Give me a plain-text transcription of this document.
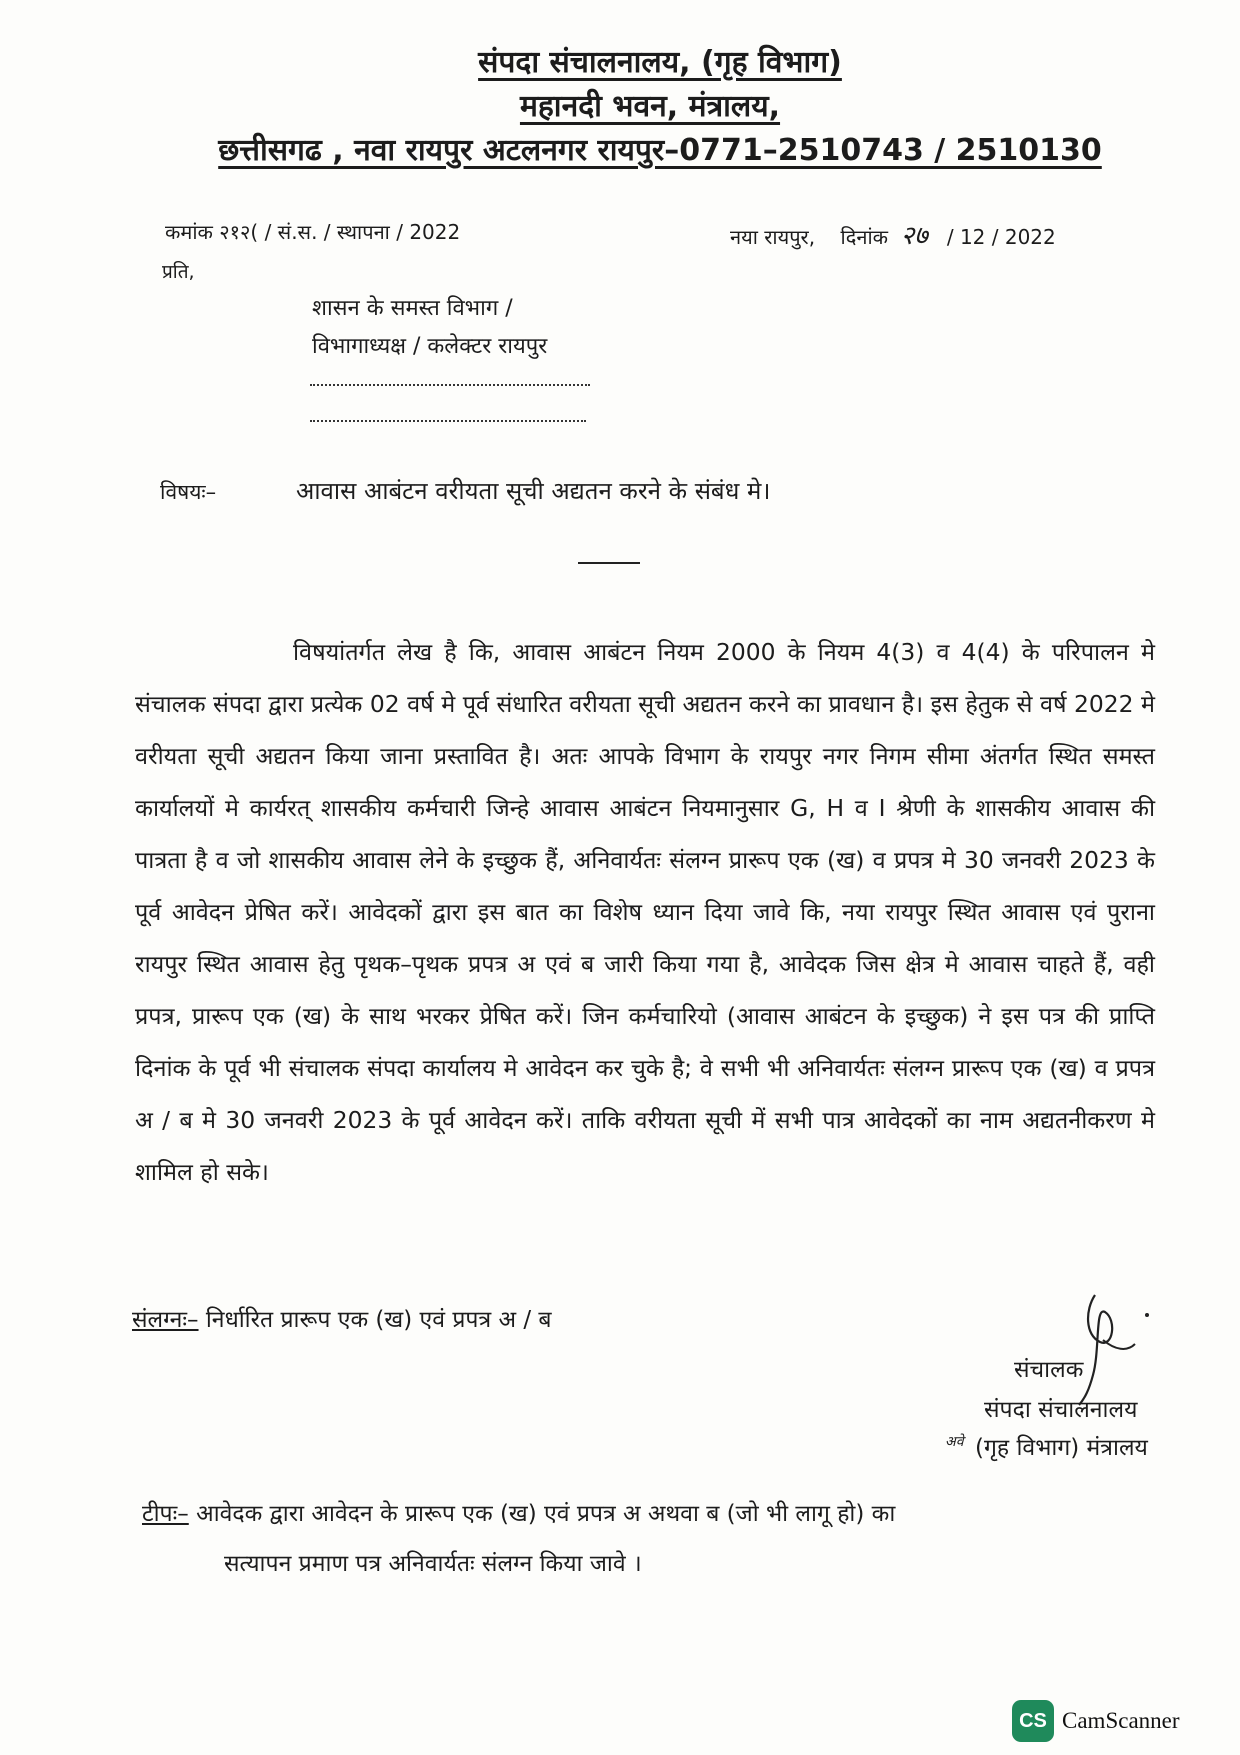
संपदा संचालनालय, (गृह विभाग)

महानदी भवन, मंत्रालय,

छत्तीसगढ , नवा रायपुर अटलनगर रायपुर–0771–2510743 / 2510130

कमांक २१२( / सं.स. / स्थापना / 2022	नया रायपुर, दिनांक २७ / 12 / 2022
प्रति,
शासन के समस्त विभाग /
विभागाध्यक्ष / कलेक्टर रायपुर
विषयः–	आवास आबंटन वरीयता सूची अद्यतन करने के संबंध मे।

विषयांतर्गत लेख है कि, आवास आबंटन नियम 2000 के नियम 4(3) व 4(4) के परिपालन मे संचालक संपदा द्वारा प्रत्येक 02 वर्ष मे पूर्व संधारित वरीयता सूची अद्यतन करने का प्रावधान है। इस हेतुक से वर्ष 2022 मे वरीयता सूची अद्यतन किया जाना प्रस्तावित है। अतः आपके विभाग के रायपुर नगर निगम सीमा अंतर्गत स्थित समस्त कार्यालयों मे कार्यरत् शासकीय कर्मचारी जिन्हे आवास आबंटन नियमानुसार G, H व I श्रेणी के शासकीय आवास की पात्रता है व जो शासकीय आवास लेने के इच्छुक हैं, अनिवार्यतः संलग्न प्रारूप एक (ख) व प्रपत्र मे 30 जनवरी 2023 के पूर्व आवेदन प्रेषित करें। आवेदकों द्वारा इस बात का विशेष ध्यान दिया जावे कि, नया रायपुर स्थित आवास एवं पुराना रायपुर स्थित आवास हेतु पृथक–पृथक प्रपत्र अ एवं ब जारी किया गया है, आवेदक जिस क्षेत्र मे आवास चाहते हैं, वही प्रपत्र, प्रारूप एक (ख) के साथ भरकर प्रेषित करें। जिन कर्मचारियो (आवास आबंटन के इच्छुक) ने इस पत्र की प्राप्ति दिनांक के पूर्व भी संचालक संपदा कार्यालय मे आवेदन कर चुके है; वे सभी भी अनिवार्यतः संलग्न प्रारूप एक (ख) व प्रपत्र अ / ब मे 30 जनवरी 2023 के पूर्व आवेदन करें। ताकि वरीयता सूची में सभी पात्र आवेदकों का नाम अद्यतनीकरण मे शामिल हो सके।

संलग्नः– निर्धारित प्रारूप एक (ख) एवं प्रपत्र अ / ब
संचालक
संपदा संचालनालय
अवे (गृह विभाग) मंत्रालय
टीपः– आवेदक द्वारा आवेदन के प्रारूप एक (ख) एवं प्रपत्र अ अथवा ब (जो भी लागू हो) का
सत्यापन प्रमाण पत्र अनिवार्यतः संलग्न किया जावे ।
CS CamScanner
